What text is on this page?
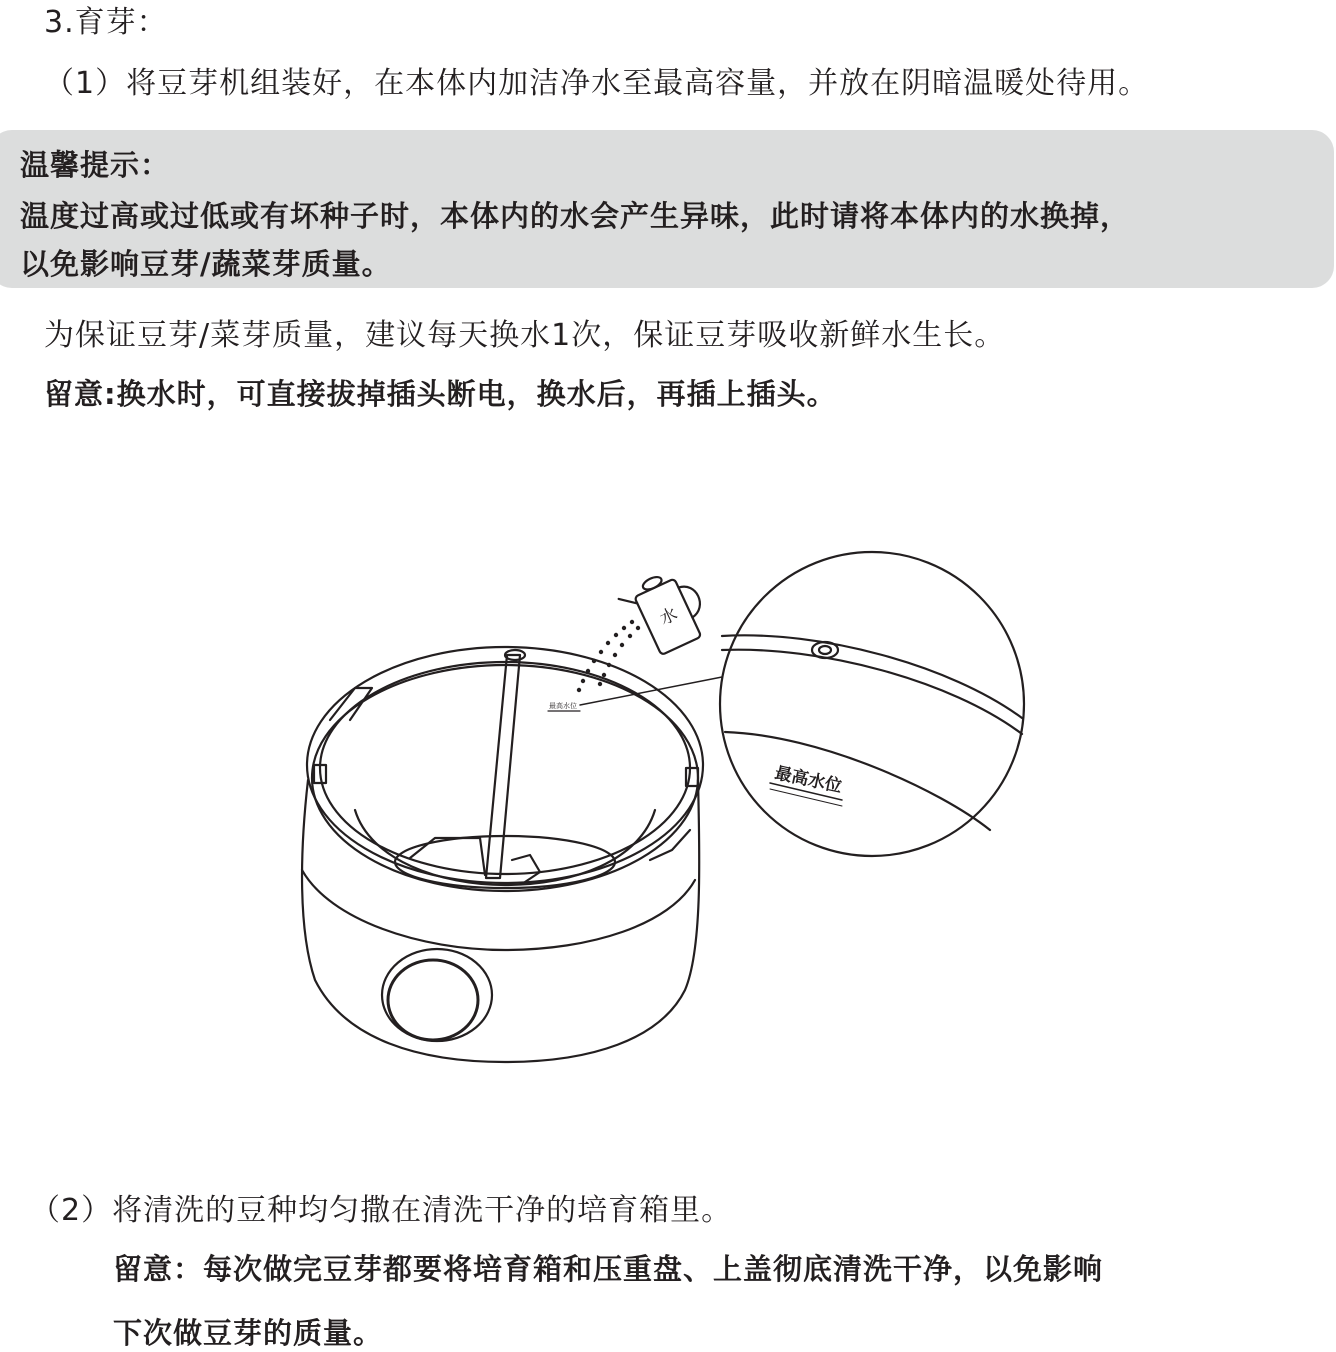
3.育芽：
（1）将豆芽机组装好，在本体内加洁净水至最高容量，并放在阴暗温暖处待用。
温馨提示：
温度过高或过低或有坏种子时，本体内的水会产生异味，此时请将本体内的水换掉，
以免影响豆芽/蔬菜芽质量。
为保证豆芽/菜芽质量，建议每天换水1次，保证豆芽吸收新鲜水生长。
留意:换水时，可直接拔掉插头断电，换水后，再插上插头。
水
最高水位
最高水位
（2）将清洗的豆种均匀撒在清洗干净的培育箱里。
留意：每次做完豆芽都要将培育箱和压重盘、上盖彻底清洗干净，以免影响
下次做豆芽的质量。
